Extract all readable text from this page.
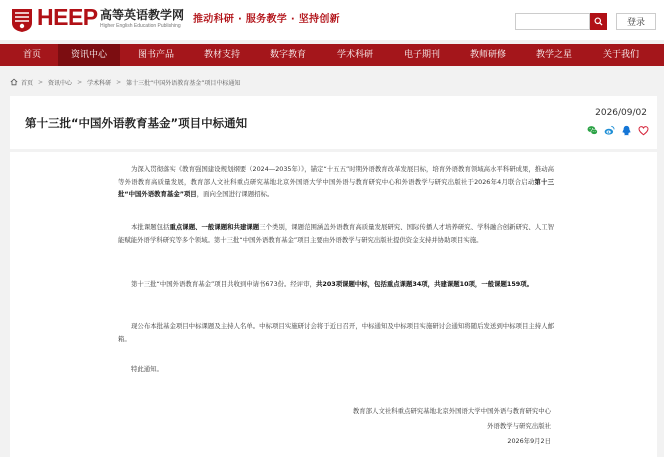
HEEP 高等英语教学网
Higher English Education Publishing
推动科研 · 服务教学 · 坚持创新	登录
首页	资讯中心	图书产品	教材支持	数字教育	学术科研	电子期刊	教师研修	教学之星	关于我们
首页 > 资讯中心 > 学术科研 > 第十三批“中国外语教育基金”项目中标通知
第十三批“中国外语教育基金”项目中标通知
2026/09/02
为深入贯彻落实《教育强国建设规划纲要（2024—2035年）》，锚定“十五五”时期外语教育改革发展目标，培育外语教育领域高水平科研成果，推动高等外语教育高质量发展，教育部人文社科重点研究基地北京外国语大学中国外语与教育研究中心和外语教学与研究出版社于2026年4月联合启动第十三批“中国外语教育基金”项目，面向全国进行课题招标。
本批课题包括重点课题、一般课题和共建课题三个类别，课题范围涵盖外语教育高质量发展研究、国际传播人才培养研究、学科融合创新研究、人工智能赋能外语学科研究等多个领域。第十三批“中国外语教育基金”项目主要由外语教学与研究出版社提供资金支持并协助项目实施。
第十三批“中国外语教育基金”项目共收到申请书673份。经评审，共203项课题中标，包括重点课题34项，共建课题10项，一般课题159项。
现公布本批基金项目中标课题及主持人名单。中标项目实施研讨会将于近日召开，中标通知及中标项目实施研讨会通知将随后发送到中标项目主持人邮箱。
特此通知。
教育部人文社科重点研究基地北京外国语大学中国外语与教育研究中心
外语教学与研究出版社
2026年9月2日
